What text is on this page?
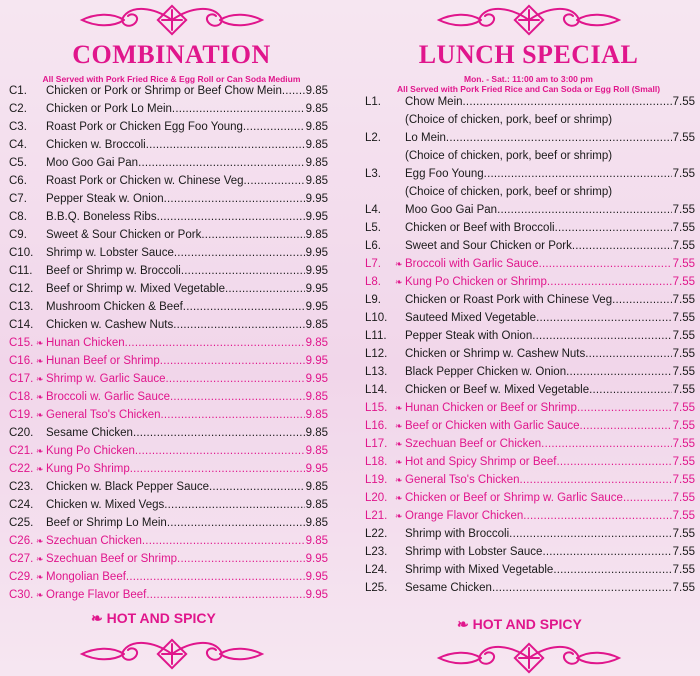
COMBINATION
All Served with Pork Fried Rice & Egg Roll or Can Soda Medium
C1.	Chicken or Pork or Shrimp or Beef Chow Mein .....	9.85
C2.	Chicken or Pork Lo Mein .....	9.85
C3.	Roast Pork or Chicken Egg Foo Young .....	9.85
C4.	Chicken w. Broccoli .....	9.85
C5.	Moo Goo Gai Pan .....	9.85
C6.	Roast Pork or Chicken w. Chinese Veg .....	9.85
C7.	Pepper Steak w. Onion .....	9.95
C8.	B.B.Q. Boneless Ribs .....	9.95
C9.	Sweet & Sour Chicken or Pork .....	9.85
C10. Shrimp w. Lobster Sauce .....	9.95
C11.	Beef or Shrimp w. Broccoli .....	9.95
C12. Beef or Shrimp w. Mixed Vegetable .....	9.95
C13. Mushroom Chicken & Beef .....	9.95
C14. Chicken w. Cashew Nuts .....	9.85
C15. ❧ Hunan Chicken .....	9.85
C16. ❧ Hunan Beef or Shrimp .....	9.95
C17. ❧ Shrimp w. Garlic Sauce .....	9.95
C18. ❧ Broccoli w. Garlic Sauce .....	9.85
C19. ❧ General Tso's Chicken .....	9.85
C20. Sesame Chicken .....	9.85
C21. ❧ Kung Po Chicken .....	9.85
C22. ❧ Kung Po Shrimp .....	9.95
C23. Chicken w. Black Pepper Sauce .....	9.85
C24. Chicken w. Mixed Vegs .....	9.85
C25. Beef or Shrimp Lo Mein .....	9.85
C26. ❧ Szechuan Chicken .....	9.85
C27. ❧ Szechuan Beef or Shrimp .....	9.95
C29. ❧ Mongolian Beef .....	9.95
C30. ❧ Orange Flavor Beef .....	9.95
❧ HOT AND SPICY
LUNCH SPECIAL
Mon. - Sat.: 11:00 am to 3:00 pm
All Served with Pork Fried Rice and Can Soda or Egg Roll (Small)
L1.	Chow Mein .....	7.55
(Choice of chicken, pork, beef or shrimp)
L2.	Lo Mein .....	7.55
(Choice of chicken, pork, beef or shrimp)
L3.	Egg Foo Young .....	7.55
(Choice of chicken, pork, beef or shrimp)
L4.	Moo Goo Gai Pan .....	7.55
L5.	Chicken or Beef with Broccoli .....	7.55
L6.	Sweet and Sour Chicken or Pork .....	7.55
L7.	❧ Broccoli with Garlic Sauce .....	7.55
L8.	❧ Kung Po Chicken or Shrimp .....	7.55
L9.	Chicken or Roast Pork with Chinese Veg .....	7.55
L10.	Sauteed Mixed Vegetable .....	7.55
L11.	Pepper Steak with Onion .....	7.55
L12.	Chicken or Shrimp w. Cashew Nuts .....	7.55
L13.	Black Pepper Chicken w. Onion .....	7.55
L14.	Chicken or Beef w. Mixed Vegetable .....	7.55
L15. ❧ Hunan Chicken or Beef or Shrimp .....	7.55
L16. ❧ Beef or Chicken with Garlic Sauce .....	7.55
L17. ❧ Szechuan Beef or Chicken .....	7.55
L18. ❧ Hot and Spicy Shrimp or Beef .....	7.55
L19. ❧ General Tso's Chicken .....	7.55
L20. ❧ Chicken or Beef or Shrimp w. Garlic Sauce .....	7.55
L21. ❧ Orange Flavor Chicken .....	7.55
L22.	Shrimp with Broccoli .....	7.55
L23.	Shrimp with Lobster Sauce .....	7.55
L24.	Shrimp with Mixed Vegetable .....	7.55
L25.	Sesame Chicken .....	7.55
❧ HOT AND SPICY
